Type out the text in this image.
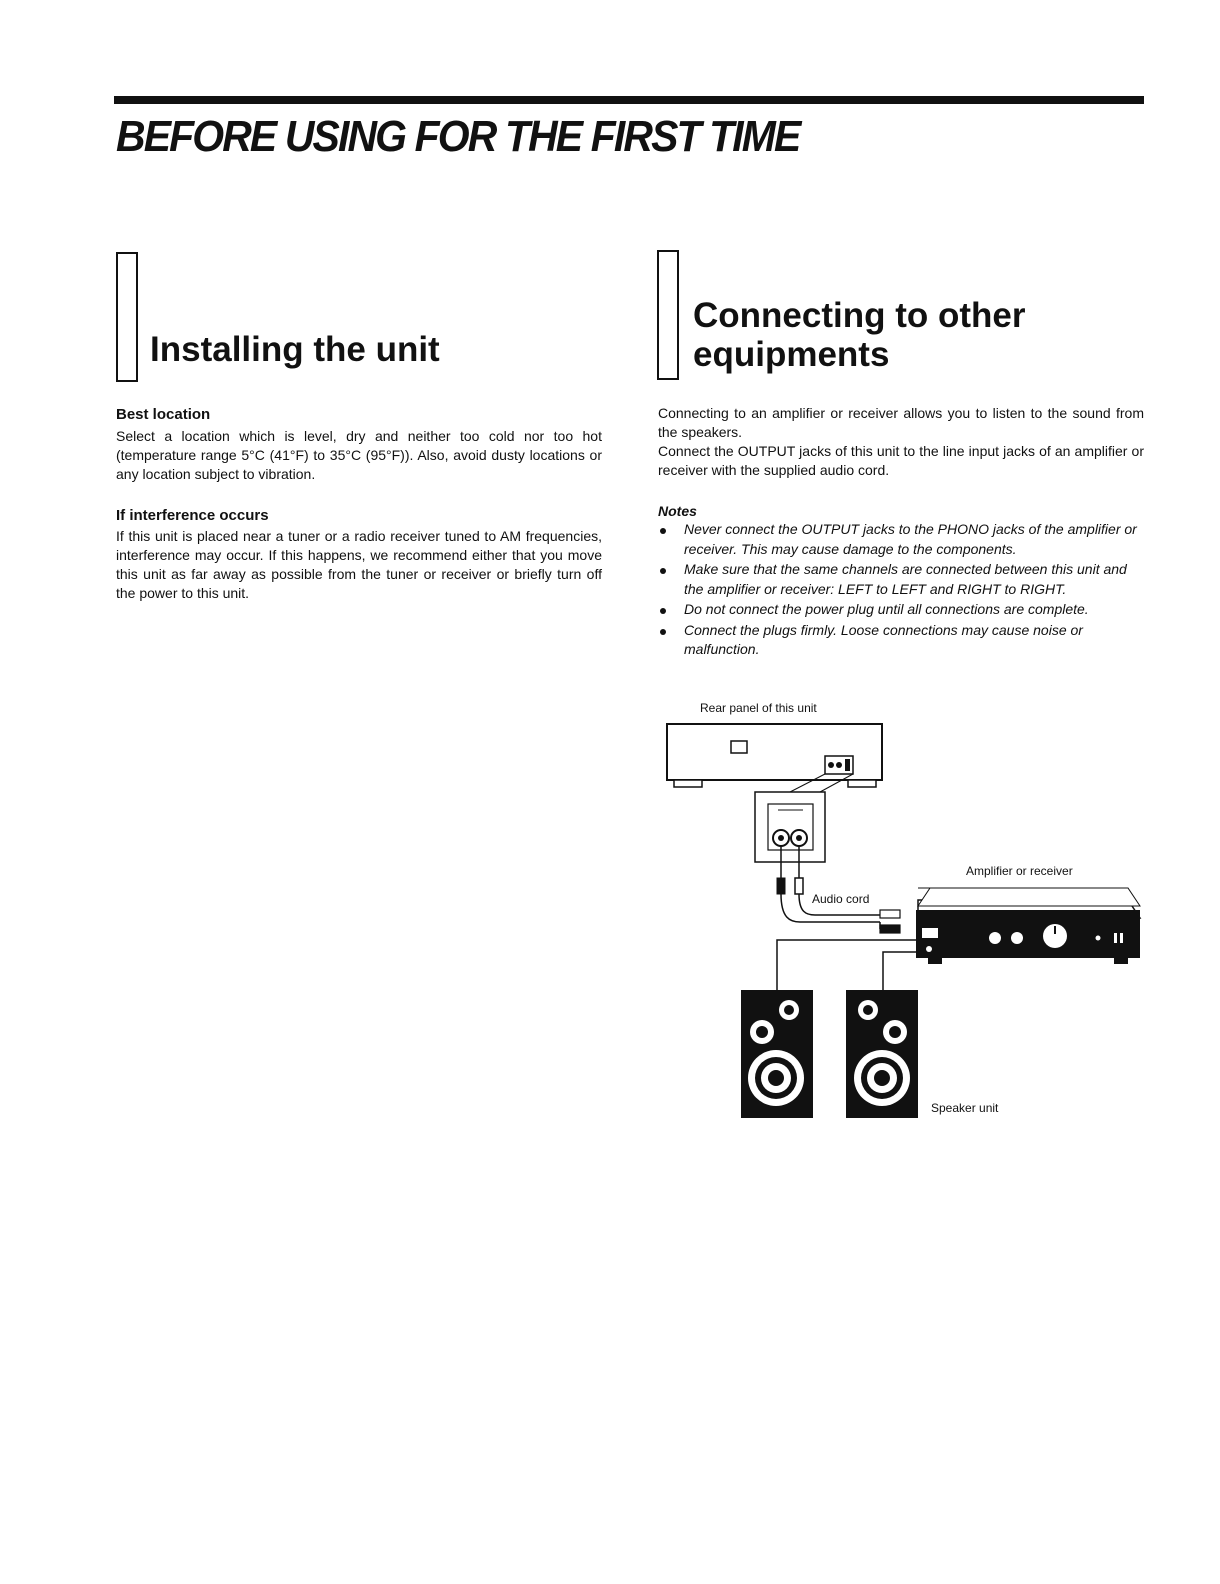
BEFORE USING FOR THE FIRST TIME
Installing the unit
Best location

Select a location which is level, dry and neither too cold nor too hot (temperature range 5°C (41°F) to 35°C (95°F)). Also, avoid dusty locations or any location subject to vibration.

If interference occurs

If this unit is placed near a tuner or a radio receiver tuned to AM frequencies, interference may occur. If this happens, we recommend either that you move this unit as far away as possible from the tuner or receiver or briefly turn off the power to this unit.

Connecting to other
equipments

Connecting to an amplifier or receiver allows you to listen to the sound from the speakers.

Connect the OUTPUT jacks of this unit to the line input jacks of an amplifier or receiver with the supplied audio cord.

Notes
Never connect the OUTPUT jacks to the PHONO jacks of the amplifier or receiver. This may cause damage to the components.
Make sure that the same channels are connected between this unit and the amplifier or receiver: LEFT to LEFT and RIGHT to RIGHT.
Do not connect the power plug until all connections are complete.
Connect the plugs firmly. Loose connections may cause noise or malfunction.

Rear panel of this unit

Amplifier or receiver

Audio cord

Speaker unit
